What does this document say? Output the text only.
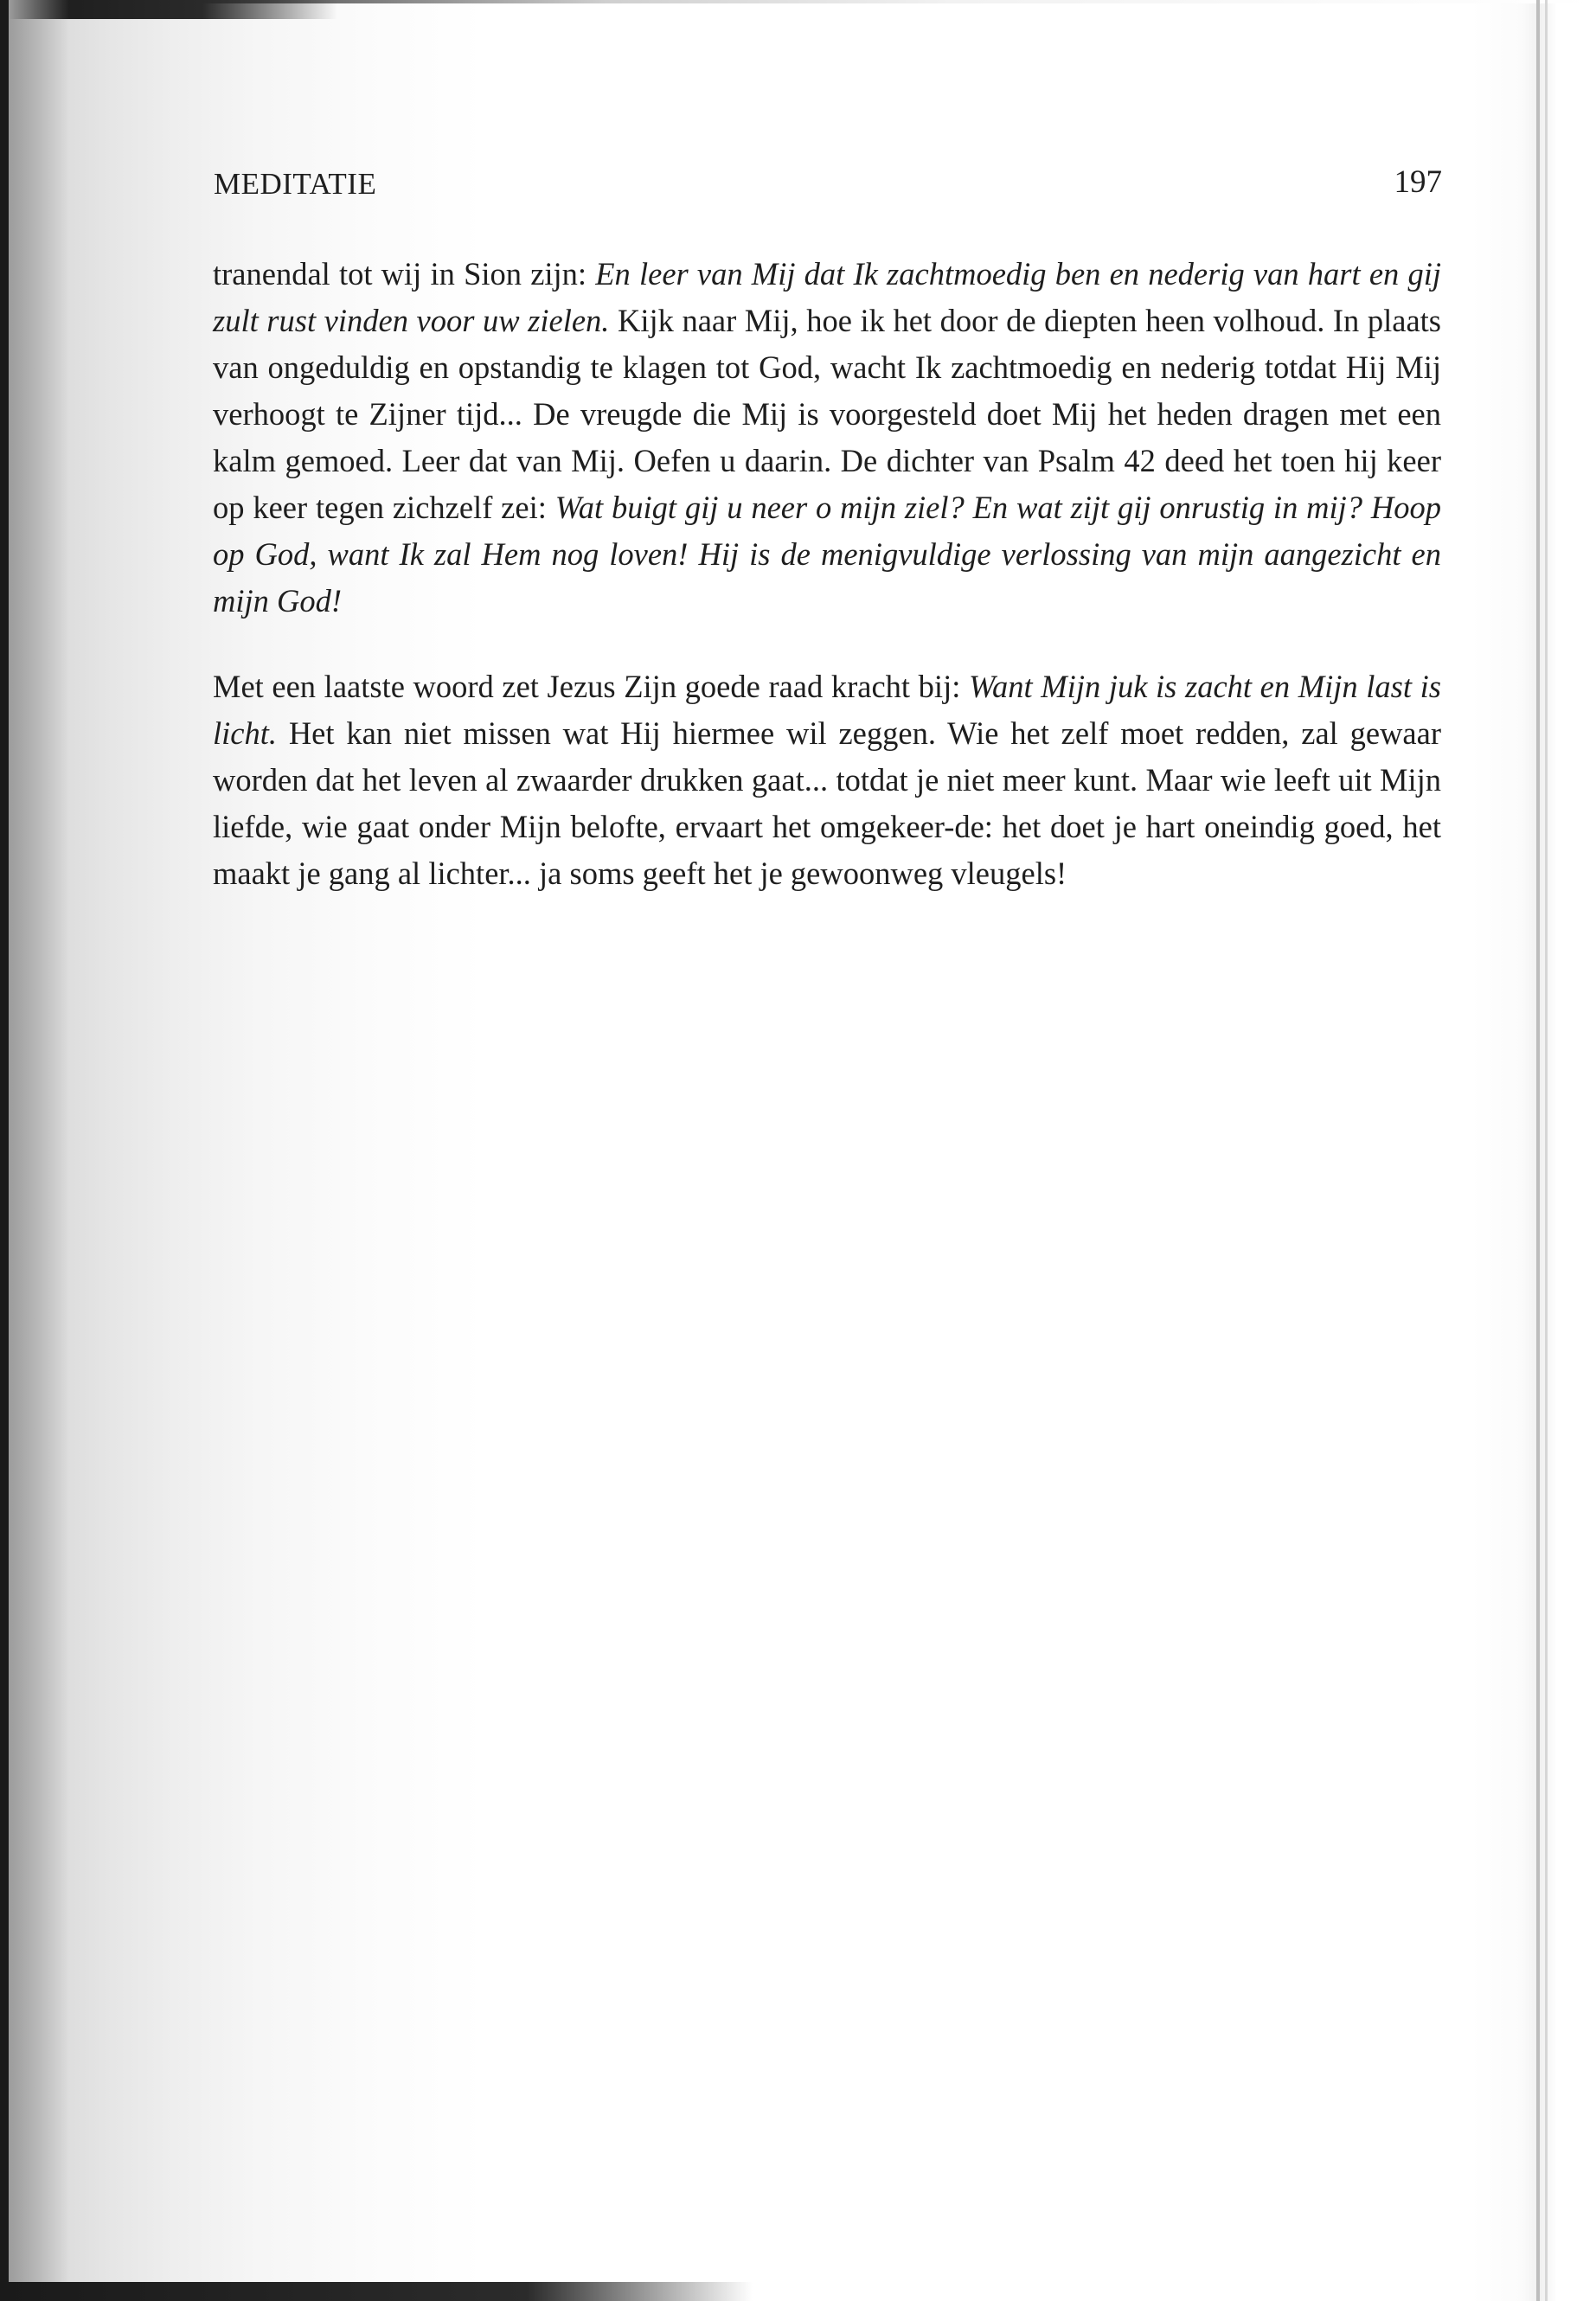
MEDITATIE	197

tranendal tot wij in Sion zijn: En leer van Mij dat Ik zachtmoedig ben en nederig van hart en gij zult rust vinden voor uw zielen. Kijk naar Mij, hoe ik het door de diepten heen volhoud. In plaats van ongeduldig en opstandig te klagen tot God, wacht Ik zachtmoedig en nederig totdat Hij Mij verhoogt te Zijner tijd... De vreugde die Mij is voorgesteld doet Mij het heden dragen met een kalm gemoed. Leer dat van Mij. Oefen u daarin. De dichter van Psalm 42 deed het toen hij keer op keer tegen zichzelf zei: Wat buigt gij u neer o mijn ziel? En wat zijt gij onrustig in mij? Hoop op God, want Ik zal Hem nog loven! Hij is de menigvuldige verlossing van mijn aangezicht en mijn God!

Met een laatste woord zet Jezus Zijn goede raad kracht bij: Want Mijn juk is zacht en Mijn last is licht. Het kan niet missen wat Hij hiermee wil zeggen. Wie het zelf moet redden, zal gewaar worden dat het leven al zwaarder drukken gaat... totdat je niet meer kunt. Maar wie leeft uit Mijn liefde, wie gaat onder Mijn belofte, ervaart het omgekeer-de: het doet je hart oneindig goed, het maakt je gang al lichter... ja soms geeft het je gewoonweg vleugels!
